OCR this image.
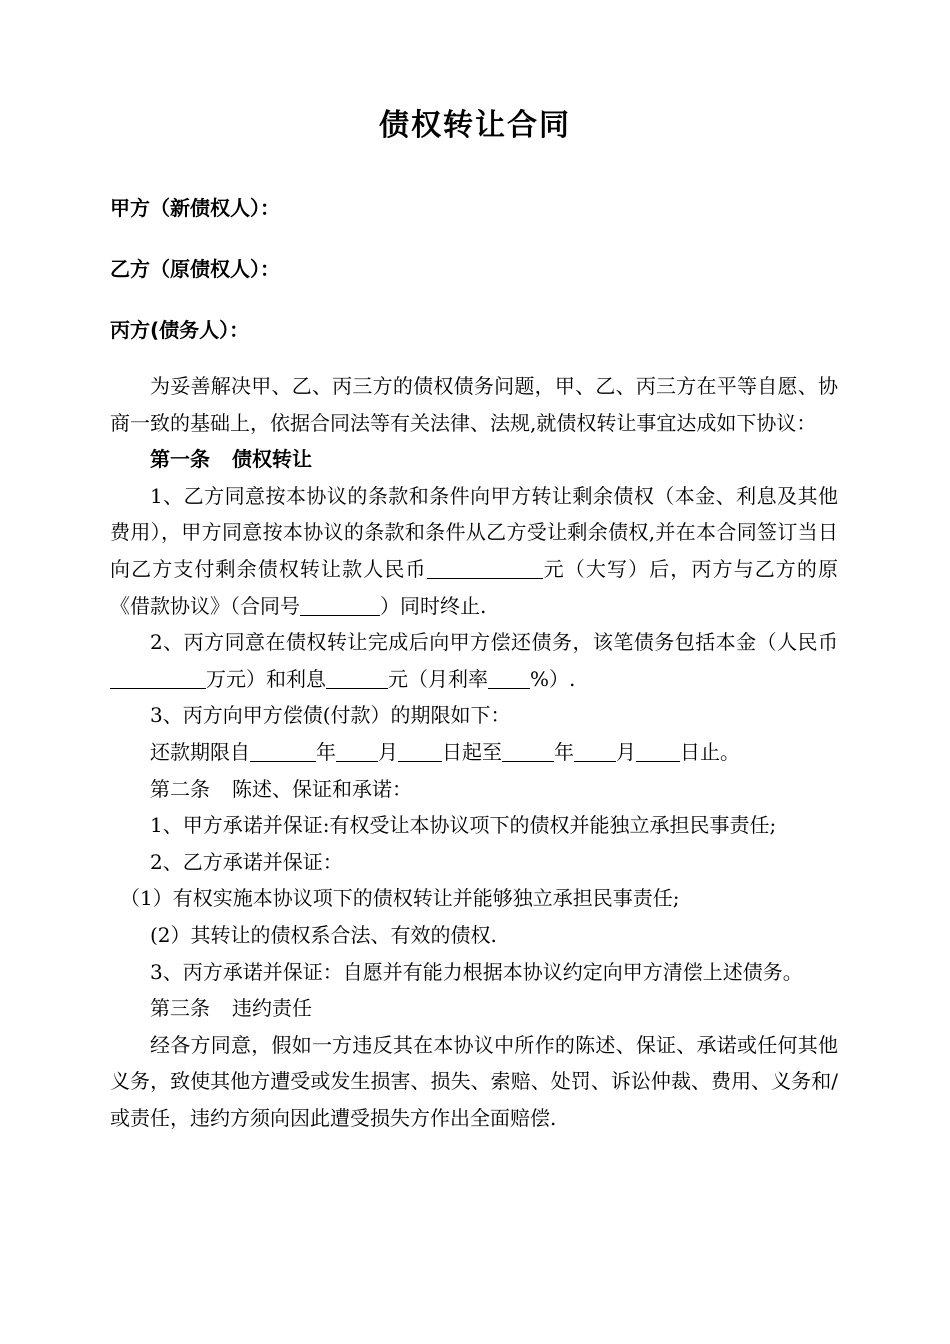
债权转让合同
甲方（新债权人）：
乙方（原债权人）：
丙方(债务人）：

为妥善解决甲、乙、丙三方的债权债务问题，甲、乙、丙三方在平等自愿、协商一致的基础上，依据合同法等有关法律、法规,就债权转让事宜达成如下协议：

第一条 债权转让

1、乙方同意按本协议的条款和条件向甲方转让剩余债权（本金、利息及其他费用），甲方同意按本协议的条款和条件从乙方受让剩余债权,并在本合同签订当日向乙方支付剩余债权转让款人民币	元（大写）后，丙方与乙方的原《借款协议》（合同号	）同时终止.

2、丙方同意在债权转让完成后向甲方偿还债务，该笔债务包括本金（人民币万元）和利息	元（月利率 %）.

3、丙方向甲方偿债(付款）的期限如下：

还款期限自	年 月 日起至	年 月 日止。

第二条 陈述、保证和承诺：

1、甲方承诺并保证:有权受让本协议项下的债权并能独立承担民事责任;

2、乙方承诺并保证：

（1）有权实施本协议项下的债权转让并能够独立承担民事责任;

(2）其转让的债权系合法、有效的债权.

3、丙方承诺并保证：自愿并有能力根据本协议约定向甲方清偿上述债务。

第三条 违约责任

经各方同意，假如一方违反其在本协议中所作的陈述、保证、承诺或任何其他义务，致使其他方遭受或发生损害、损失、索赔、处罚、诉讼仲裁、费用、义务和/或责任，违约方须向因此遭受损失方作出全面赔偿.
